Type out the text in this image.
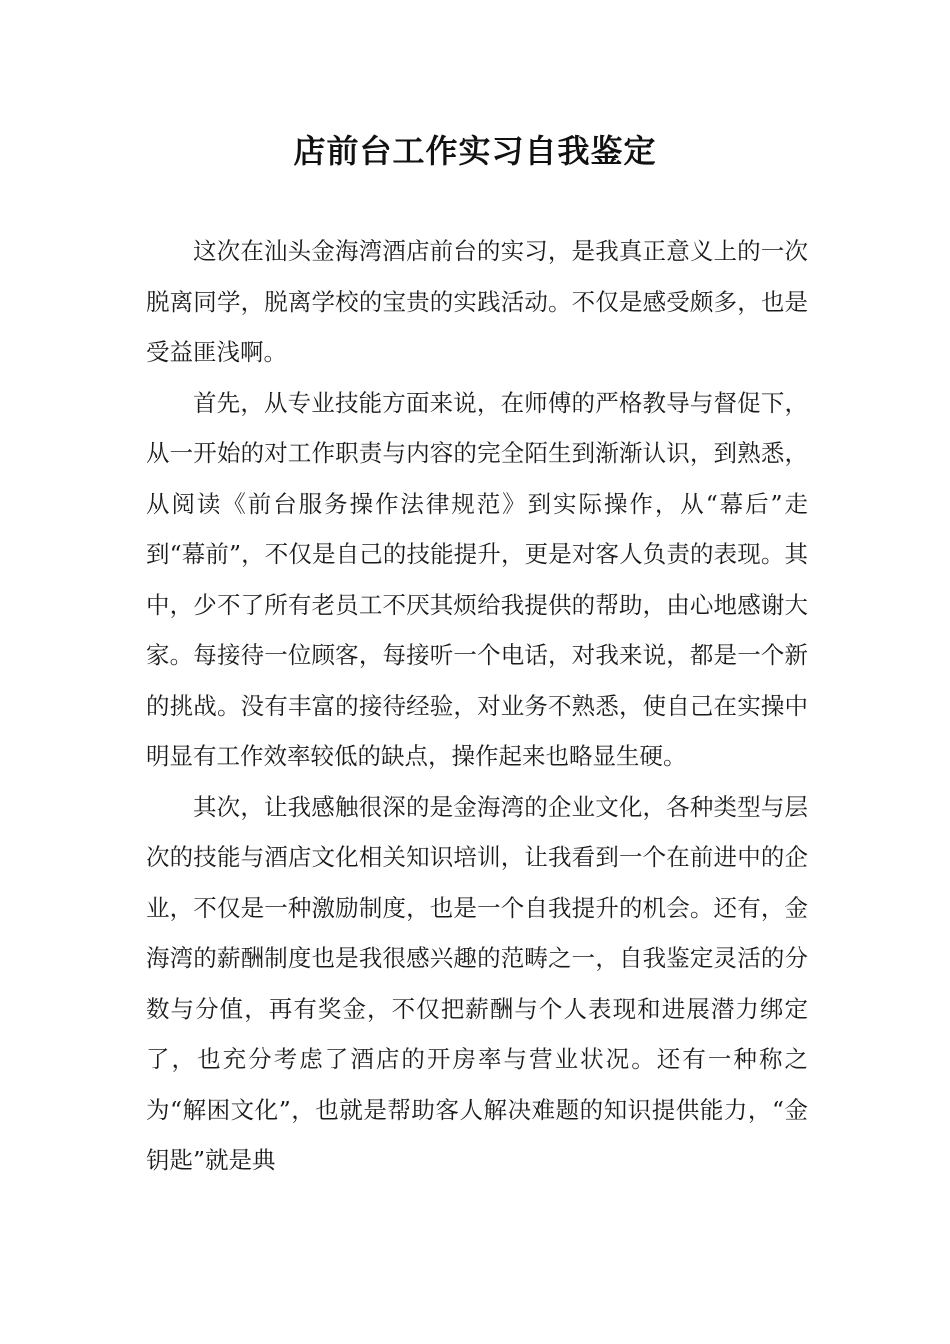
店前台工作实习自我鉴定

这次在汕头金海湾酒店前台的实习，是我真正意义上的一次脱离同学，脱离学校的宝贵的实践活动。不仅是感受颇多，也是受益匪浅啊。

首先，从专业技能方面来说，在师傅的严格教导与督促下，从一开始的对工作职责与内容的完全陌生到渐渐认识，到熟悉，从阅读《前台服务操作法律规范》到实际操作，从“幕后”走到“幕前”，不仅是自己的技能提升，更是对客人负责的表现。其中，少不了所有老员工不厌其烦给我提供的帮助，由心地感谢大家。每接待一位顾客，每接听一个电话，对我来说，都是一个新的挑战。没有丰富的接待经验，对业务不熟悉，使自己在实操中明显有工作效率较低的缺点，操作起来也略显生硬。

其次，让我感触很深的是金海湾的企业文化，各种类型与层次的技能与酒店文化相关知识培训，让我看到一个在前进中的企业，不仅是一种激励制度，也是一个自我提升的机会。还有，金海湾的薪酬制度也是我很感兴趣的范畴之一，自我鉴定灵活的分数与分值，再有奖金，不仅把薪酬与个人表现和进展潜力绑定了，也充分考虑了酒店的开房率与营业状况。还有一种称之为“解困文化”，也就是帮助客人解决难题的知识提供能力，“金钥匙”就是典
